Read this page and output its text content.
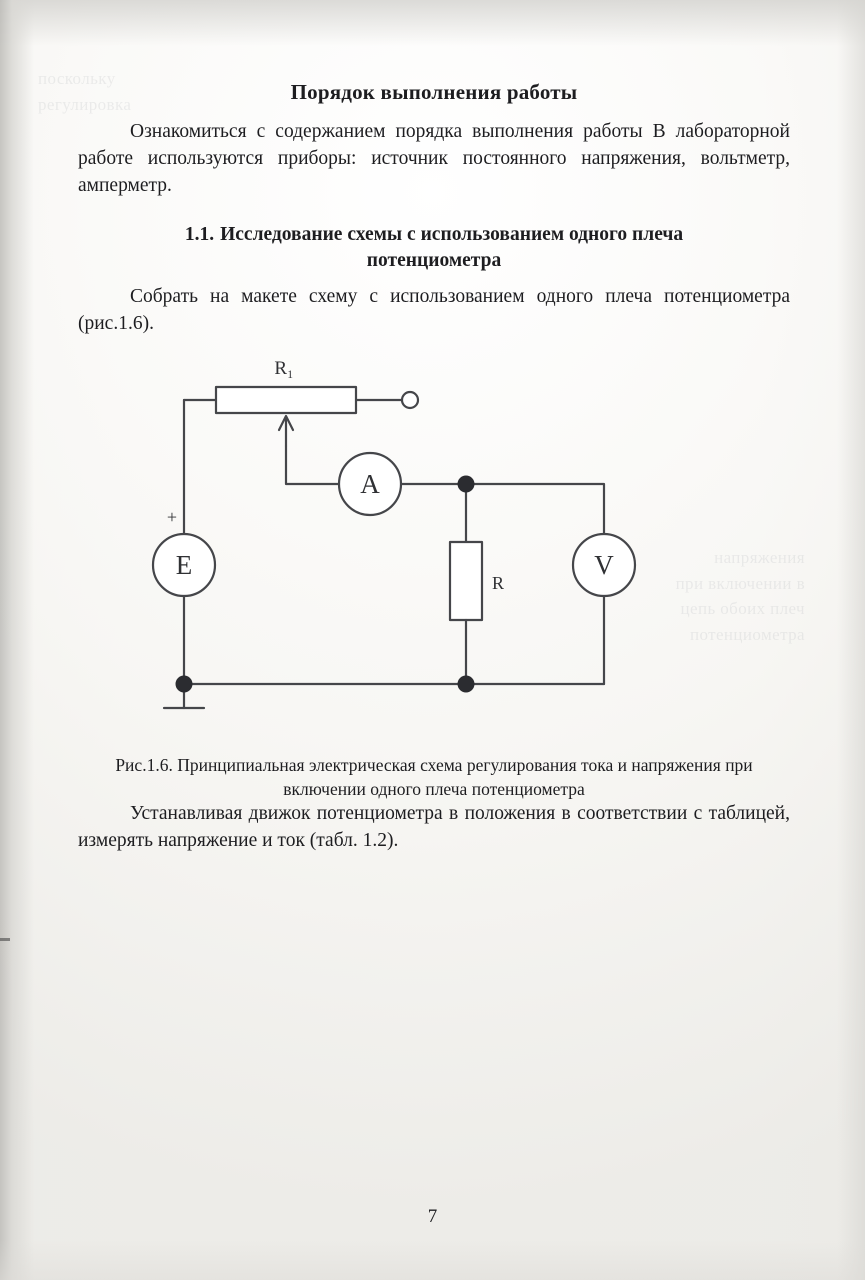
Порядок выполнения работы

Ознакомиться с содержанием порядка выполнения работы В лабораторной работе используются приборы: источник постоянного напряжения, вольтметр, амперметр.

1.1. Исследование схемы с использованием одного плеча потенциометра

Собрать на макете схему с использованием одного плеча потенциометра (рис.1.6).

R₁
A
E
+
R
V

Рис.1.6. Принципиальная электрическая схема регулирования тока и напряжения при включении одного плеча потенциометра

Устанавливая движок потенциометра в положения в соответствии с таблицей, измерять напряжение и ток (табл. 1.2).

7
